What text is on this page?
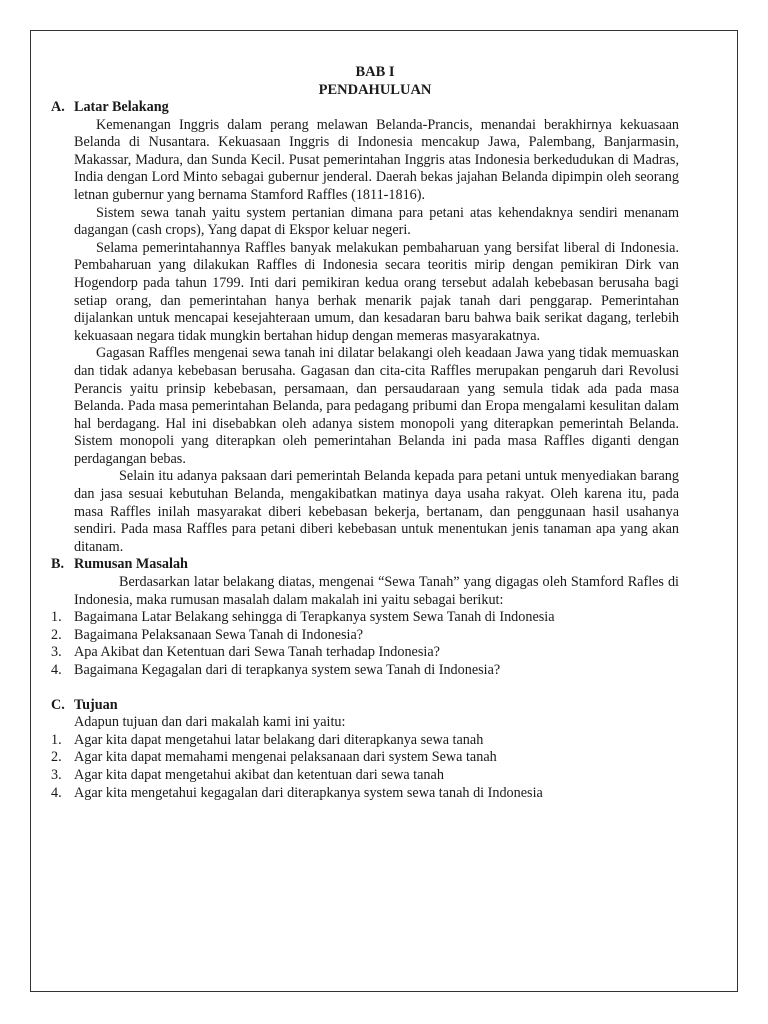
BAB I
PENDAHULUAN
A. Latar Belakang
Kemenangan Inggris dalam perang melawan Belanda-Prancis, menandai berakhirnya kekuasaan Belanda di Nusantara. Kekuasaan Inggris di Indonesia mencakup Jawa, Palembang, Banjarmasin, Makassar, Madura, dan Sunda Kecil. Pusat pemerintahan Inggris atas Indonesia berkedudukan di Madras, India dengan Lord Minto sebagai gubernur jenderal. Daerah bekas jajahan Belanda dipimpin oleh seorang letnan gubernur yang bernama Stamford Raffles (1811-1816).
Sistem sewa tanah yaitu system pertanian dimana para petani atas kehendaknya sendiri menanam dagangan (cash crops), Yang dapat di Ekspor keluar negeri.
Selama pemerintahannya Raffles banyak melakukan pembaharuan yang bersifat liberal di Indonesia. Pembaharuan yang dilakukan Raffles di Indonesia secara teoritis mirip dengan pemikiran Dirk van Hogendorp pada tahun 1799. Inti dari pemikiran kedua orang tersebut adalah kebebasan berusaha bagi setiap orang, dan pemerintahan hanya berhak menarik pajak tanah dari penggarap. Pemerintahan dijalankan untuk mencapai kesejahteraan umum, dan kesadaran baru bahwa baik serikat dagang, terlebih kekuasaan negara tidak mungkin bertahan hidup dengan memeras masyarakatnya.
Gagasan Raffles mengenai sewa tanah ini dilatar belakangi oleh keadaan Jawa yang tidak memuaskan dan tidak adanya kebebasan berusaha. Gagasan dan cita-cita Raffles merupakan pengaruh dari Revolusi Perancis yaitu prinsip kebebasan, persamaan, dan persaudaraan yang semula tidak ada pada masa Belanda. Pada masa pemerintahan Belanda, para pedagang pribumi dan Eropa mengalami kesulitan dalam hal berdagang. Hal ini disebabkan oleh adanya sistem monopoli yang diterapkan pemerintah Belanda. Sistem monopoli yang diterapkan oleh pemerintahan Belanda ini pada masa Raffles diganti dengan perdagangan bebas.
Selain itu adanya paksaan dari pemerintah Belanda kepada para petani untuk menyediakan barang dan jasa sesuai kebutuhan Belanda, mengakibatkan matinya daya usaha rakyat. Oleh karena itu, pada masa Raffles inilah masyarakat diberi kebebasan bekerja, bertanam, dan penggunaan hasil usahanya sendiri. Pada masa Raffles para petani diberi kebebasan untuk menentukan jenis tanaman apa yang akan ditanam.
B. Rumusan Masalah
Berdasarkan latar belakang diatas, mengenai “Sewa Tanah” yang digagas oleh Stamford Rafles di Indonesia, maka rumusan masalah dalam makalah ini yaitu sebagai berikut:
1. Bagaimana Latar Belakang sehingga di Terapkanya system Sewa Tanah di Indonesia
2. Bagaimana Pelaksanaan Sewa Tanah di Indonesia?
3. Apa Akibat dan Ketentuan dari Sewa Tanah terhadap Indonesia?
4. Bagaimana Kegagalan dari di terapkanya system sewa Tanah di Indonesia?
C. Tujuan
Adapun tujuan dan dari makalah kami ini yaitu:
1. Agar kita dapat mengetahui latar belakang dari diterapkanya sewa tanah
2. Agar kita dapat memahami mengenai pelaksanaan dari system Sewa tanah
3. Agar kita dapat mengetahui akibat dan ketentuan dari sewa tanah
4. Agar kita mengetahui kegagalan dari diterapkanya system sewa tanah di Indonesia
